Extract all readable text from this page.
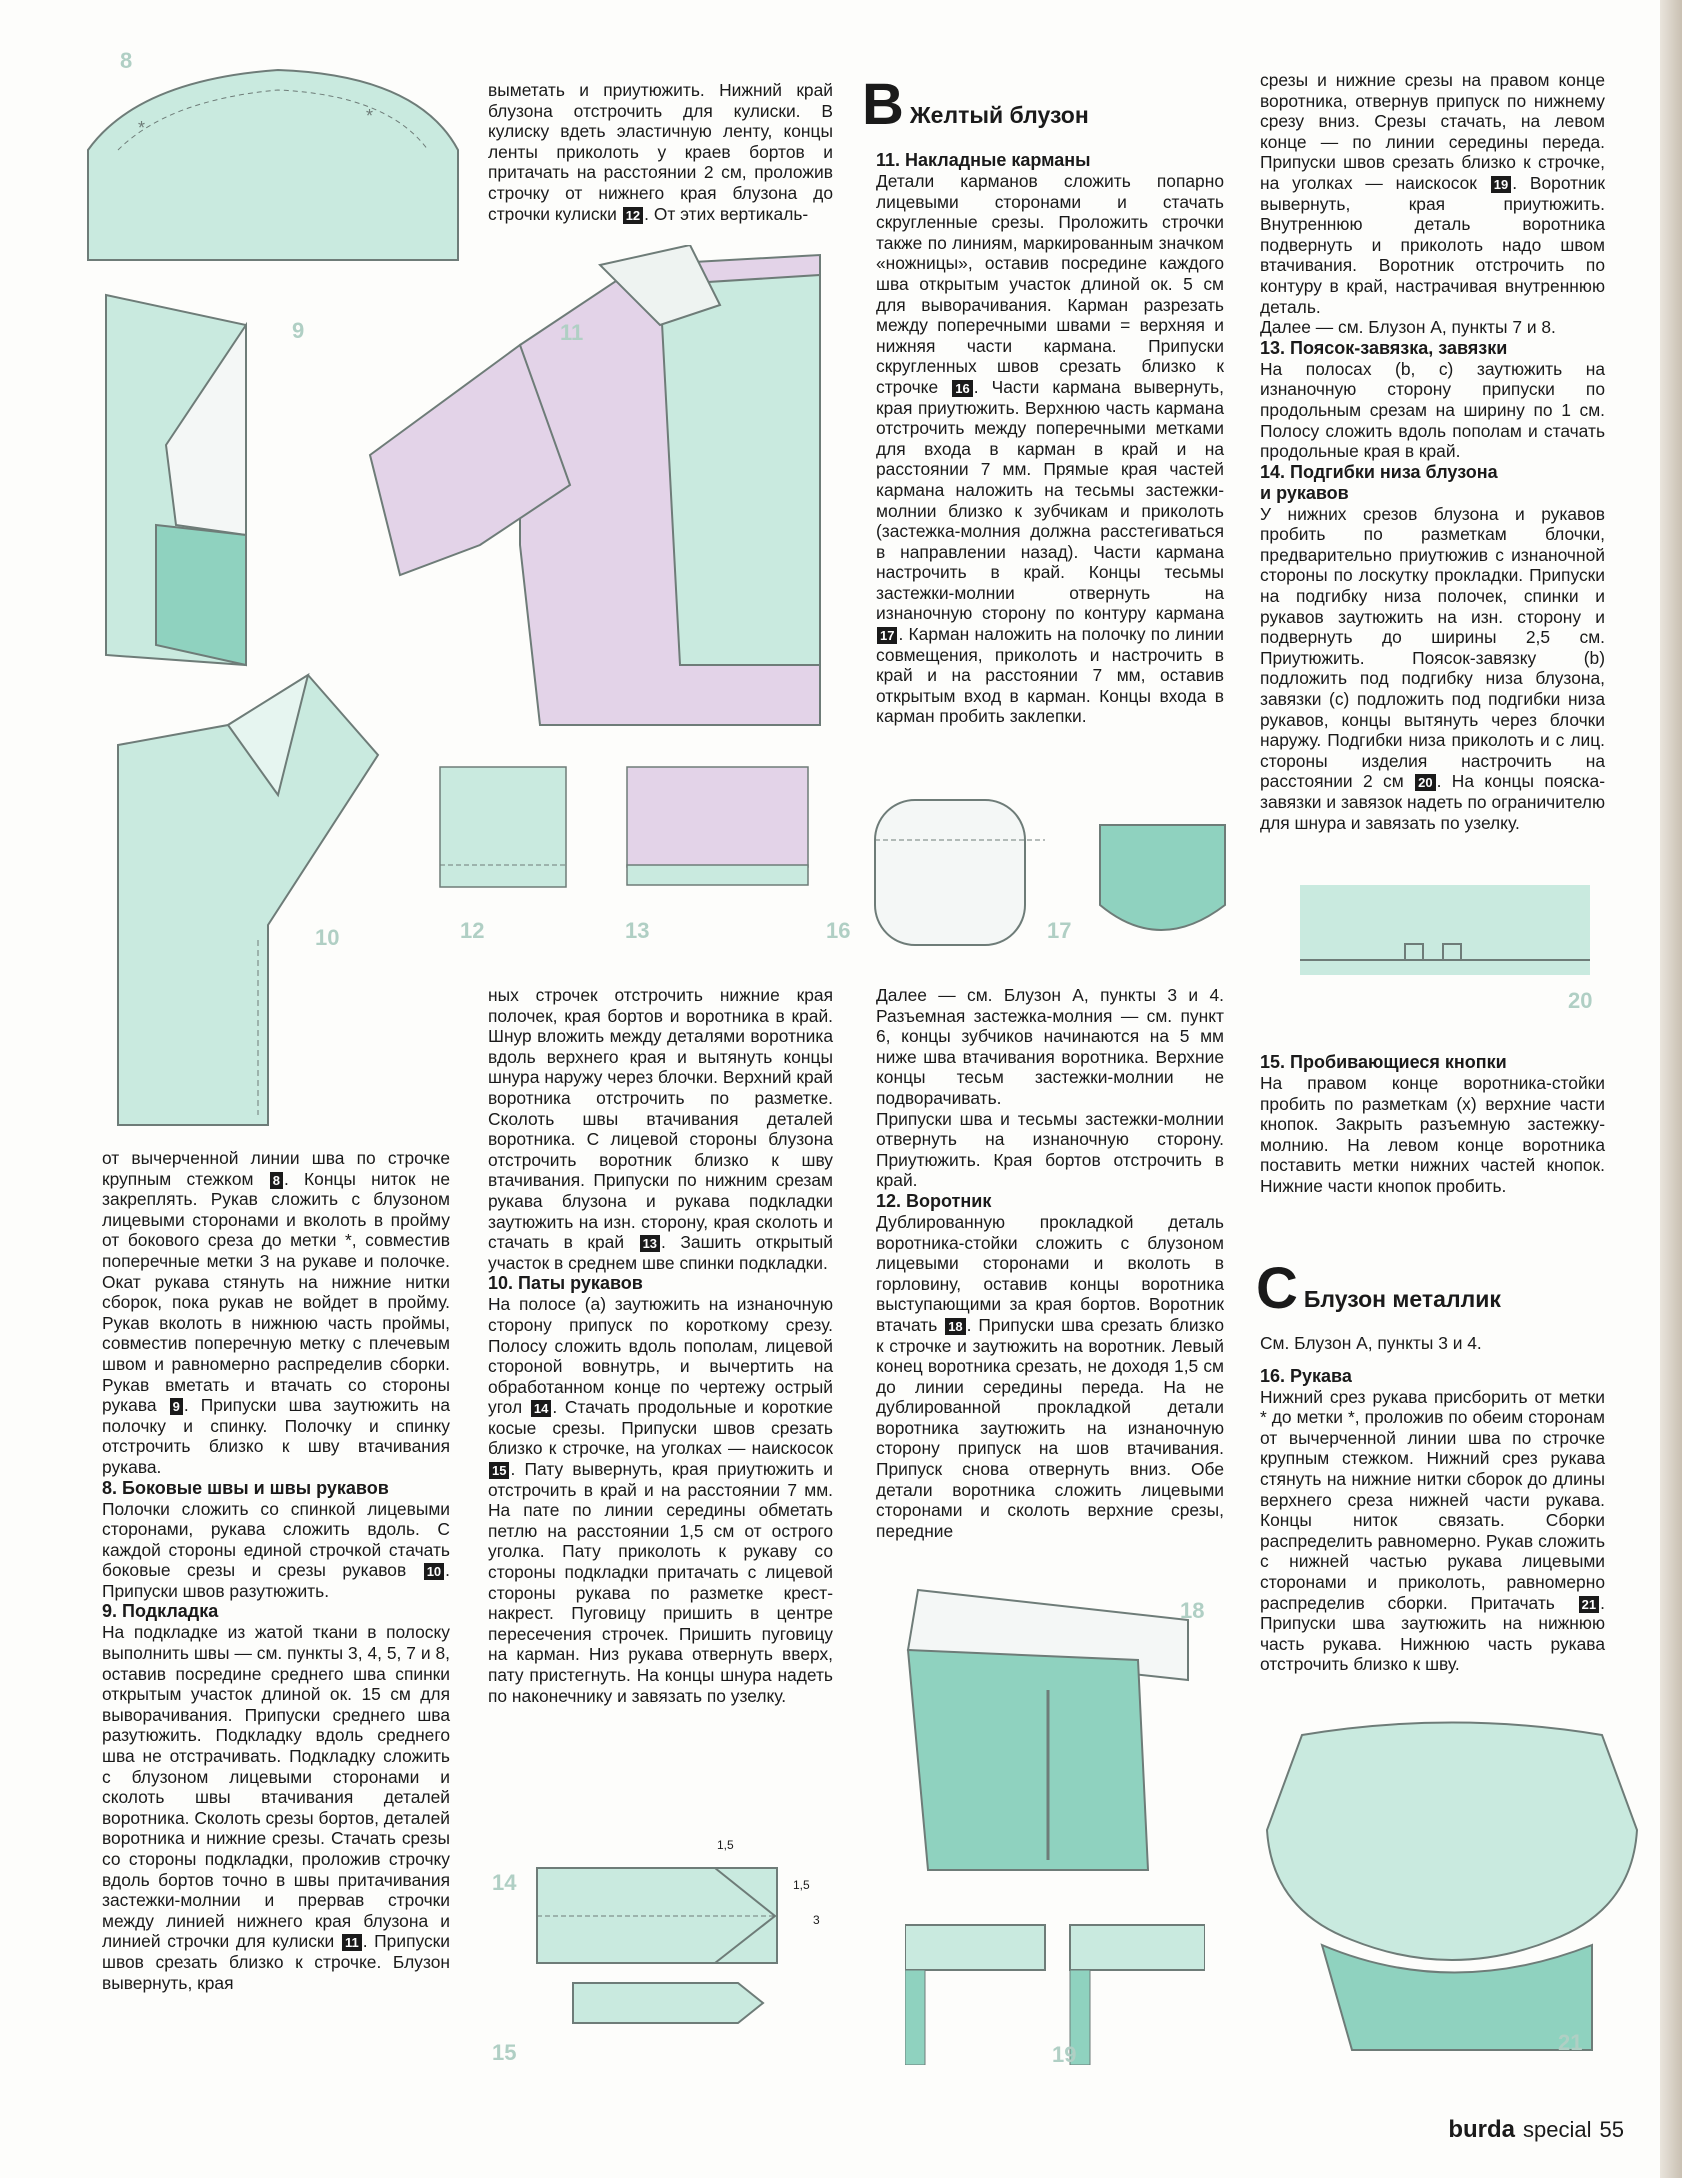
*
*
8
9
10
11
12	13	16	17
18
1,5
1,5
3
14
15	19
20
21

от вычерченной линии шва по строчке крупным стежком 8 . Концы ниток не закреплять. Рукав сложить с блузоном лицевыми сторонами и вколоть в пройму от бокового среза до метки *, совместив поперечные метки 3 на рукаве и полочке. Окат рукава стянуть на нижние нитки сборок, пока рукав не войдет в пройму. Рукав вколоть в нижнюю часть проймы, совместив поперечную метку с плечевым швом и равномерно распределив сборки. Рукав вметать и втачать со стороны рукава 9 . Припуски шва заутюжить на полочку и спинку. Полочку и спинку отстрочить близко к шву втачивания рукава.

8. Боковые швы и швы рукавов

Полочки сложить со спинкой лицевыми сторонами, рукава сложить вдоль. С каждой стороны единой строчкой стачать боковые срезы и срезы рукавов 10 . Припуски швов разутюжить.

9. Подкладка

На подкладке из жатой ткани в полоску выполнить швы — см. пункты 3, 4, 5, 7 и 8, оставив посредине среднего шва спинки открытым участок длиной ок. 15 см для выворачивания. Припуски среднего шва разутюжить. Подкладку вдоль среднего шва не отстрачивать. Подкладку сложить с блузоном лицевыми сторонами и сколоть швы втачивания деталей воротника. Сколоть срезы бортов, деталей воротника и нижние срезы. Стачать срезы со стороны подкладки, проложив строчку вдоль бортов точно в швы притачивания застежки-молнии и прервав строчки между линией нижнего края блузона и линией строчки для кулиски 11 . Припуски швов срезать близко к строчке. Блузон вывернуть, края

выметать и приутюжить. Нижний край блузона отстрочить для кулиски. В кулиску вдеть эластичную ленту, концы ленты приколоть у краев бортов и притачать на расстоянии 2 см, проложив строчку от нижнего края блузона до строчки кулиски 12 . От этих вертикаль-

ных строчек отстрочить нижние края полочек, края бортов и воротника в край. Шнур вложить между деталями воротника вдоль верхнего края и вытянуть концы шнура наружу через блочки. Верхний край воротника отстрочить по разметке. Сколоть швы втачивания деталей воротника. С лицевой стороны блузона отстрочить воротник близко к шву втачивания. Припуски по нижним срезам рукава блузона и рукава подкладки заутюжить на изн. сторону, края сколоть и стачать в край 13 . Зашить открытый участок в среднем шве спинки подкладки.

10. Паты рукавов

На полосе (а) заутюжить на изнаночную сторону припуск по короткому срезу. Полосу сложить вдоль пополам, лицевой стороной вовнутрь, и вычертить на обработанном конце по чертежу острый угол 14 . Стачать продольные и короткие косые срезы. Припуски швов срезать близко к строчке, на уголках — наискосок 15 . Пату вывернуть, края приутюжить и отстрочить в край и на расстоянии 7 мм. На пате по линии середины обметать петлю на расстоянии 1,5 см от острого уголка. Пату приколоть к рукаву со стороны подкладки притачать с лицевой стороны рукава по разметке крест-накрест. Пуговицу пришить в центре пересечения строчек. Пришить пуговицу на карман. Низ рукава отвернуть вверх, пату пристегнуть. На концы шнура надеть по наконечнику и завязать по узелку.

B Желтый блузон

11. Накладные карманы

Детали карманов сложить попарно лицевыми сторонами и стачать скругленные срезы. Проложить строчки также по линиям, маркированным значком «ножницы», оставив посредине каждого шва открытым участок длиной ок. 5 см для выворачивания. Карман разрезать между поперечными швами = верхняя и нижняя части кармана. Припуски скругленных швов срезать близко к строчке 16 . Части кармана вывернуть, края приутюжить. Верхнюю часть кармана отстрочить между поперечными метками для входа в карман в край и на расстоянии 7 мм. Прямые края частей кармана наложить на тесьмы застежки-молнии близко к зубчикам и приколоть (застежка-молния должна расстегиваться в направлении назад). Части кармана настрочить в край. Концы тесьмы застежки-молнии отвернуть на изнаночную сторону по контуру кармана 17 . Карман наложить на полочку по линии совмещения, приколоть и настрочить в край и на расстоянии 7 мм, оставив открытым вход в карман. Концы входа в карман пробить заклепки.

Далее — см. Блузон А, пункты 3 и 4. Разъемная застежка-молния — см. пункт 6, концы зубчиков начинаются на 5 мм ниже шва втачивания воротника. Верхние концы тесьм застежки-молнии не подворачивать.

Припуски шва и тесьмы застежки-молнии отвернуть на изнаночную сторону. Приутюжить. Края бортов отстрочить в край.

12. Воротник

Дублированную прокладкой деталь воротника-стойки сложить с блузоном лицевыми сторонами и вколоть в горловину, оставив концы воротника выступающими за края бортов. Воротник втачать 18 . Припуски шва срезать близко к строчке и заутюжить на воротник. Левый конец воротника срезать, не доходя 1,5 см до линии середины переда. На не дублированной прокладкой детали воротника заутюжить на изнаночную сторону припуск на шов втачивания. Припуск снова отвернуть вниз. Обе детали воротника сложить лицевыми сторонами и сколоть верхние срезы, передние

срезы и нижние срезы на правом конце воротника, отвернув припуск по нижнему срезу вниз. Срезы стачать, на левом конце — по линии середины переда. Припуски швов срезать близко к строчке, на уголках — наискосок 19 . Воротник вывернуть, края приутюжить. Внутреннюю деталь воротника подвернуть и приколоть надо швом втачивания. Воротник отстрочить по контуру в край, настрачивая внутреннюю деталь.

Далее — см. Блузон А, пункты 7 и 8.

13. Поясок-завязка, завязки

На полосах (b, c) заутюжить на изнаночную сторону припуски по продольным срезам на ширину по 1 см. Полосу сложить вдоль пополам и стачать продольные края в край.

14. Подгибки низа блузона

и рукавов

У нижних срезов блузона и рукавов пробить по разметкам блочки, предварительно приутюжив с изнаночной стороны по лоскутку прокладки. Припуски на подгибку низа полочек, спинки и рукавов заутюжить на изн. сторону и подвернуть до ширины 2,5 см. Приутюжить. Поясок-завязку (b) подложить под подгибку низа блузона, завязки (с) подложить под подгибки низа рукавов, концы вытянуть через блочки наружу. Подгибки низа приколоть и с лиц. стороны изделия настрочить на расстоянии 2 см 20 . На концы пояска-завязки и завязок надеть по ограничителю для шнура и завязать по узелку.

15. Пробивающиеся кнопки

На правом конце воротника-стойки пробить по разметкам (х) верхние части кнопок. Закрыть разъемную застежку-молнию. На левом конце воротника поставить метки нижних частей кнопок. Нижние части кнопок пробить.

C Блузон металлик

См. Блузон А, пункты 3 и 4.

16. Рукава

Нижний срез рукава присборить от метки * до метки *, проложив по обеим сторонам от вычерченной линии шва по строчке крупным стежком. Нижний срез рукава стянуть на нижние нитки сборок до длины верхнего среза нижней части рукава. Концы ниток связать. Сборки распределить равномерно. Рукав сложить с нижней частью рукава лицевыми сторонами и приколоть, равномерно распределив сборки. Притачать 21 . Припуски шва заутюжить на нижнюю часть рукава. Нижнюю часть рукава отстрочить близко к шву.

burda special 55
